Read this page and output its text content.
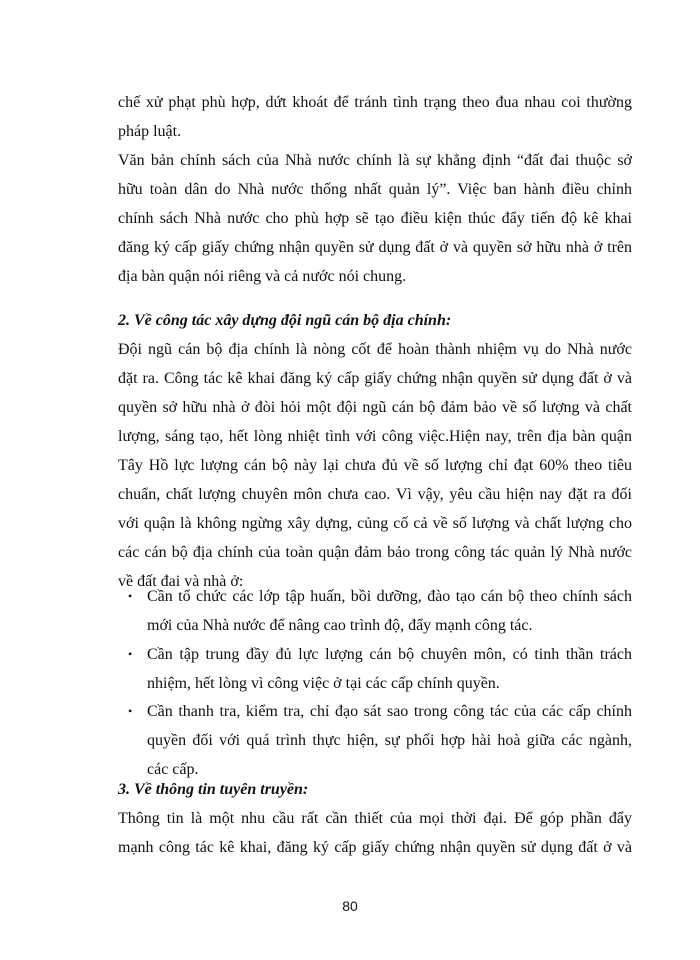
chế xử phạt phù hợp, dứt khoát để tránh tình trạng theo đua nhau coi thường
pháp luật.
Văn bản chính sách của Nhà nước chính là sự khẳng định “đất đai thuộc sở
hữu toàn dân do Nhà nước thống nhất quản lý”. Việc ban hành điều chỉnh
chính sách Nhà nước cho phù hợp sẽ tạo điều kiện thúc đẩy tiến độ kê khai
đăng ký cấp giấy chứng nhận quyền sử dụng đất ở và quyền sở hữu nhà ở trên
địa bàn quận nói riêng và cả nước nói chung.
2. Về công tác xây dựng đội ngũ cán bộ địa chính:
Đội ngũ cán bộ địa chính là nòng cốt để hoàn thành nhiệm vụ do Nhà nước
đặt ra. Công tác kê khai đăng ký cấp giấy chứng nhận quyền sử dụng đất ở và
quyền sở hữu nhà ở đòi hỏi một đội ngũ cán bộ đảm bảo về số lượng và chất
lượng, sáng tạo, hết lòng nhiệt tình với công việc.Hiện nay, trên địa bàn quận
Tây Hồ lực lượng cán bộ này lại chưa đủ về số lượng chỉ đạt 60% theo tiêu
chuẩn, chất lượng chuyên môn chưa cao. Vì vậy, yêu cầu hiện nay đặt ra đối
với quận là không ngừng xây dựng, củng cố cả về số lượng và chất lượng cho
các cán bộ địa chính của toàn quận đảm bảo trong công tác quản lý Nhà nước
về đất đai và nhà ở:
• Cần tổ chức các lớp tập huấn, bồi dưỡng, đào tạo cán bộ theo chính sách
mới của Nhà nước để nâng cao trình độ, đẩy mạnh công tác.
• Cần tập trung đầy đủ lực lượng cán bộ chuyên môn, có tinh thần trách
nhiệm, hết lòng vì công việc ở tại các cấp chính quyền.
• Cần thanh tra, kiểm tra, chỉ đạo sát sao trong công tác của các cấp chính
quyền đối với quá trình thực hiện, sự phối hợp hài hoà giữa các ngành,
các cấp.
3. Về thông tin tuyên truyền:
Thông tin là một nhu cầu rất cần thiết của mọi thời đại. Để góp phần đẩy
mạnh công tác kê khai, đăng ký cấp giấy chứng nhận quyền sử dụng đất ở và
80
